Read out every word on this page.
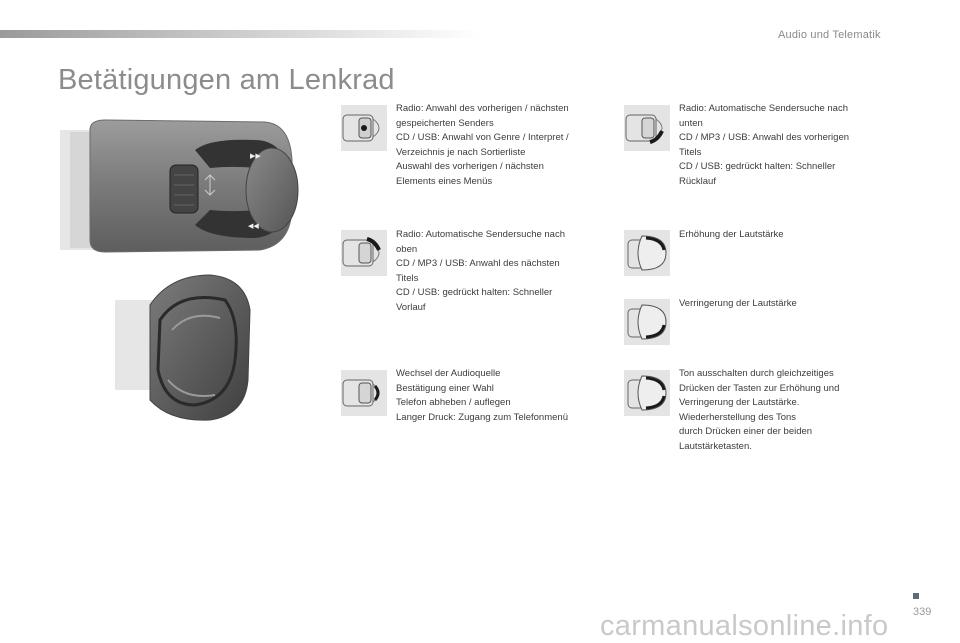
Audio und Telematik
Betätigungen am Lenkrad
▶▶
◀◀
Radio: Anwahl des vorherigen / nächsten
gespeicherten Senders
CD / USB: Anwahl von Genre / Interpret /
Verzeichnis je nach Sortierliste
Auswahl des vorherigen / nächsten
Elements eines Menüs
Radio: Automatische Sendersuche nach
oben
CD / MP3 / USB: Anwahl des nächsten
Titels
CD / USB: gedrückt halten: Schneller
Vorlauf
Wechsel der Audioquelle
Bestätigung einer Wahl
Telefon abheben / auflegen
Langer Druck: Zugang zum Telefonmenü
Radio: Automatische Sendersuche nach
unten
CD / MP3 / USB: Anwahl des vorherigen
Titels
CD / USB: gedrückt halten: Schneller
Rücklauf
Erhöhung der Lautstärke
Verringerung der Lautstärke
Ton ausschalten durch gleichzeitiges
Drücken der Tasten zur Erhöhung und
Verringerung der Lautstärke.
Wiederherstellung des Tons
durch Drücken einer der beiden
Lautstärketasten.
339
carmanualsonline.info
